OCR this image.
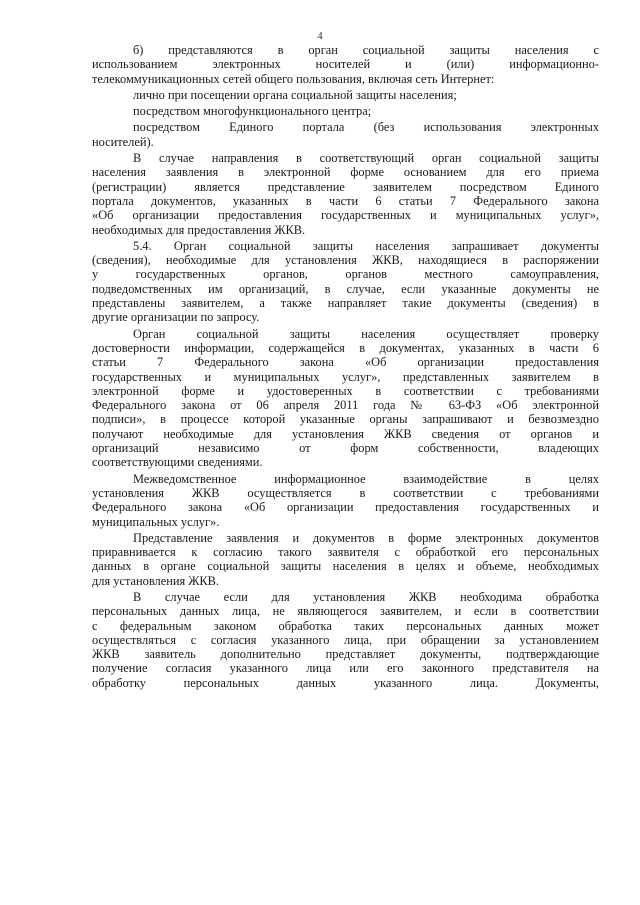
4
б) представляются в орган социальной защиты населения с
использованием электронных носителей и (или) информационно-
телекоммуникационных сетей общего пользования, включая сеть Интернет:
лично при посещении органа социальной защиты населения;
посредством многофункционального центра;
посредством Единого портала (без использования электронных
носителей).
В случае направления в соответствующий орган социальной защиты
населения заявления в электронной форме основанием для его приема
(регистрации) является представление заявителем посредством Единого
портала документов, указанных в части 6 статьи 7 Федерального закона
«Об организации предоставления государственных и муниципальных услуг»,
необходимых для предоставления ЖКВ.
5.4. Орган социальной защиты населения запрашивает документы
(сведения), необходимые для установления ЖКВ, находящиеся в распоряжении
у государственных органов, органов местного самоуправления,
подведомственных им организаций, в случае, если указанные документы не
представлены заявителем, а также направляет такие документы (сведения) в
другие организации по запросу.
Орган социальной защиты населения осуществляет проверку
достоверности информации, содержащейся в документах, указанных в части 6
статьи 7 Федерального закона «Об организации предоставления
государственных и муниципальных услуг», представленных заявителем в
электронной форме и удостоверенных в соответствии с требованиями
Федерального закона от 06 апреля 2011 года № 63-ФЗ «Об электронной
подписи», в процессе которой указанные органы запрашивают и безвозмездно
получают необходимые для установления ЖКВ сведения от органов и
организаций независимо от форм собственности, владеющих
соответствующими сведениями.
Межведомственное информационное взаимодействие в целях
установления ЖКВ осуществляется в соответствии с требованиями
Федерального закона «Об организации предоставления государственных и
муниципальных услуг».
Представление заявления и документов в форме электронных документов
приравнивается к согласию такого заявителя с обработкой его персональных
данных в органе социальной защиты населения в целях и объеме, необходимых
для установления ЖКВ.
В случае если для установления ЖКВ необходима обработка
персональных данных лица, не являющегося заявителем, и если в соответствии
с федеральным законом обработка таких персональных данных может
осуществляться с согласия указанного лица, при обращении за установлением
ЖКВ заявитель дополнительно представляет документы, подтверждающие
получение согласия указанного лица или его законного представителя на
обработку персональных данных указанного лица. Документы,
